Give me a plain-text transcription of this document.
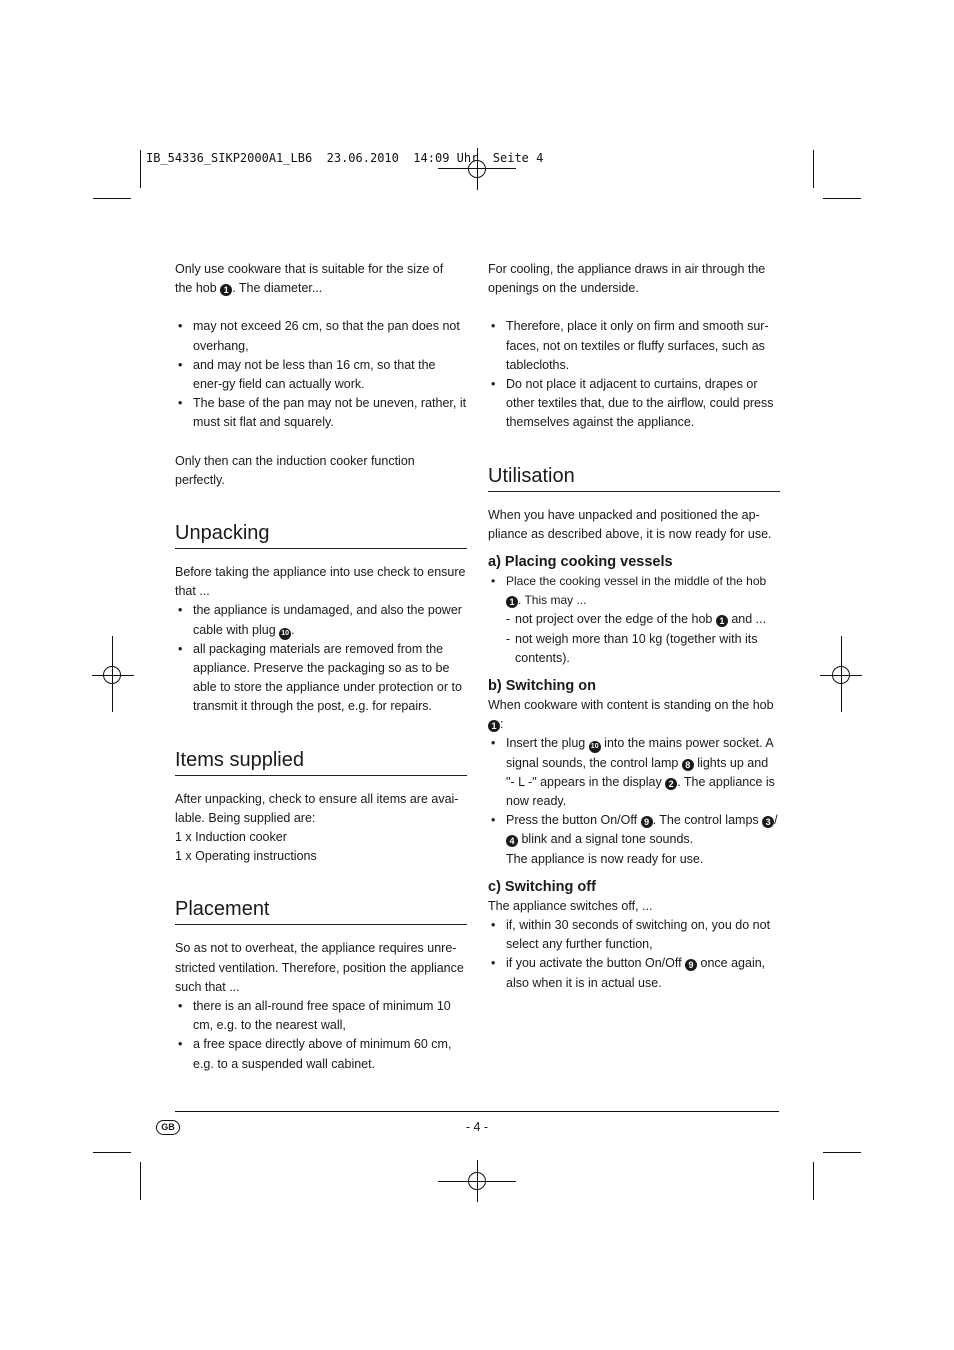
IB_54336_SIKP2000A1_LB6  23.06.2010  14:09 Uhr  Seite 4

Only use cookware that is suitable for the size of
the hob 1 . The diameter...

• may not exceed 26 cm, so that the pan does not overhang,
• and may not be less than 16 cm, so that the ener-gy field can actually work.
• The base of the pan may not be uneven, rather, it must sit flat and squarely.

Only then can the induction cooker function perfectly.

Unpacking

Before taking the appliance into use check to ensure that ...

• the appliance is undamaged, and also the power cable with plug 10 .
• all packaging materials are removed from the appliance. Preserve the packaging so as to be able to store the appliance under protection or to transmit it through the post, e.g. for repairs.
Items supplied

After unpacking, check to ensure all items are avai-lable. Being supplied are:

1 x Induction cooker

1 x Operating instructions

Placement

So as not to overheat, the appliance requires unre-stricted ventilation. Therefore, position the appliance such that ...

• there is an all-round free space of minimum 10 cm, e.g. to the nearest wall,
• a free space directly above of minimum 60 cm, e.g. to a suspended wall cabinet.

For cooling, the appliance draws in air through the openings on the underside.

• Therefore, place it only on firm and smooth sur-faces, not on textiles or fluffy surfaces, such as tablecloths.
• Do not place it adjacent to curtains, drapes or other textiles that, due to the airflow, could press themselves against the appliance.
Utilisation

When you have unpacked and positioned the ap-pliance as described above, it is now ready for use.

a) Placing cooking vessels
• Place the cooking vessel in the middle of the hob 1 . This may ...
- not project over the edge of the hob 1 and ...
- not weigh more than 10 kg (together with its contents).
b) Switching on

When cookware with content is standing on the hob 1 :

• Insert the plug 10 into the mains power socket. A signal sounds, the control lamp 8 lights up and "- L -" appears in the display 2 . The appliance is now ready.
• Press the button On/Off 9 . The control lamps 3 /4 blink and a signal tone sounds.
The appliance is now ready for use.
c) Switching off

The appliance switches off, ...

• if, within 30 seconds of switching on, you do not select any further function,
• if you activate the button On/Off 9 once again, also when it is in actual use.
GB	- 4 -
